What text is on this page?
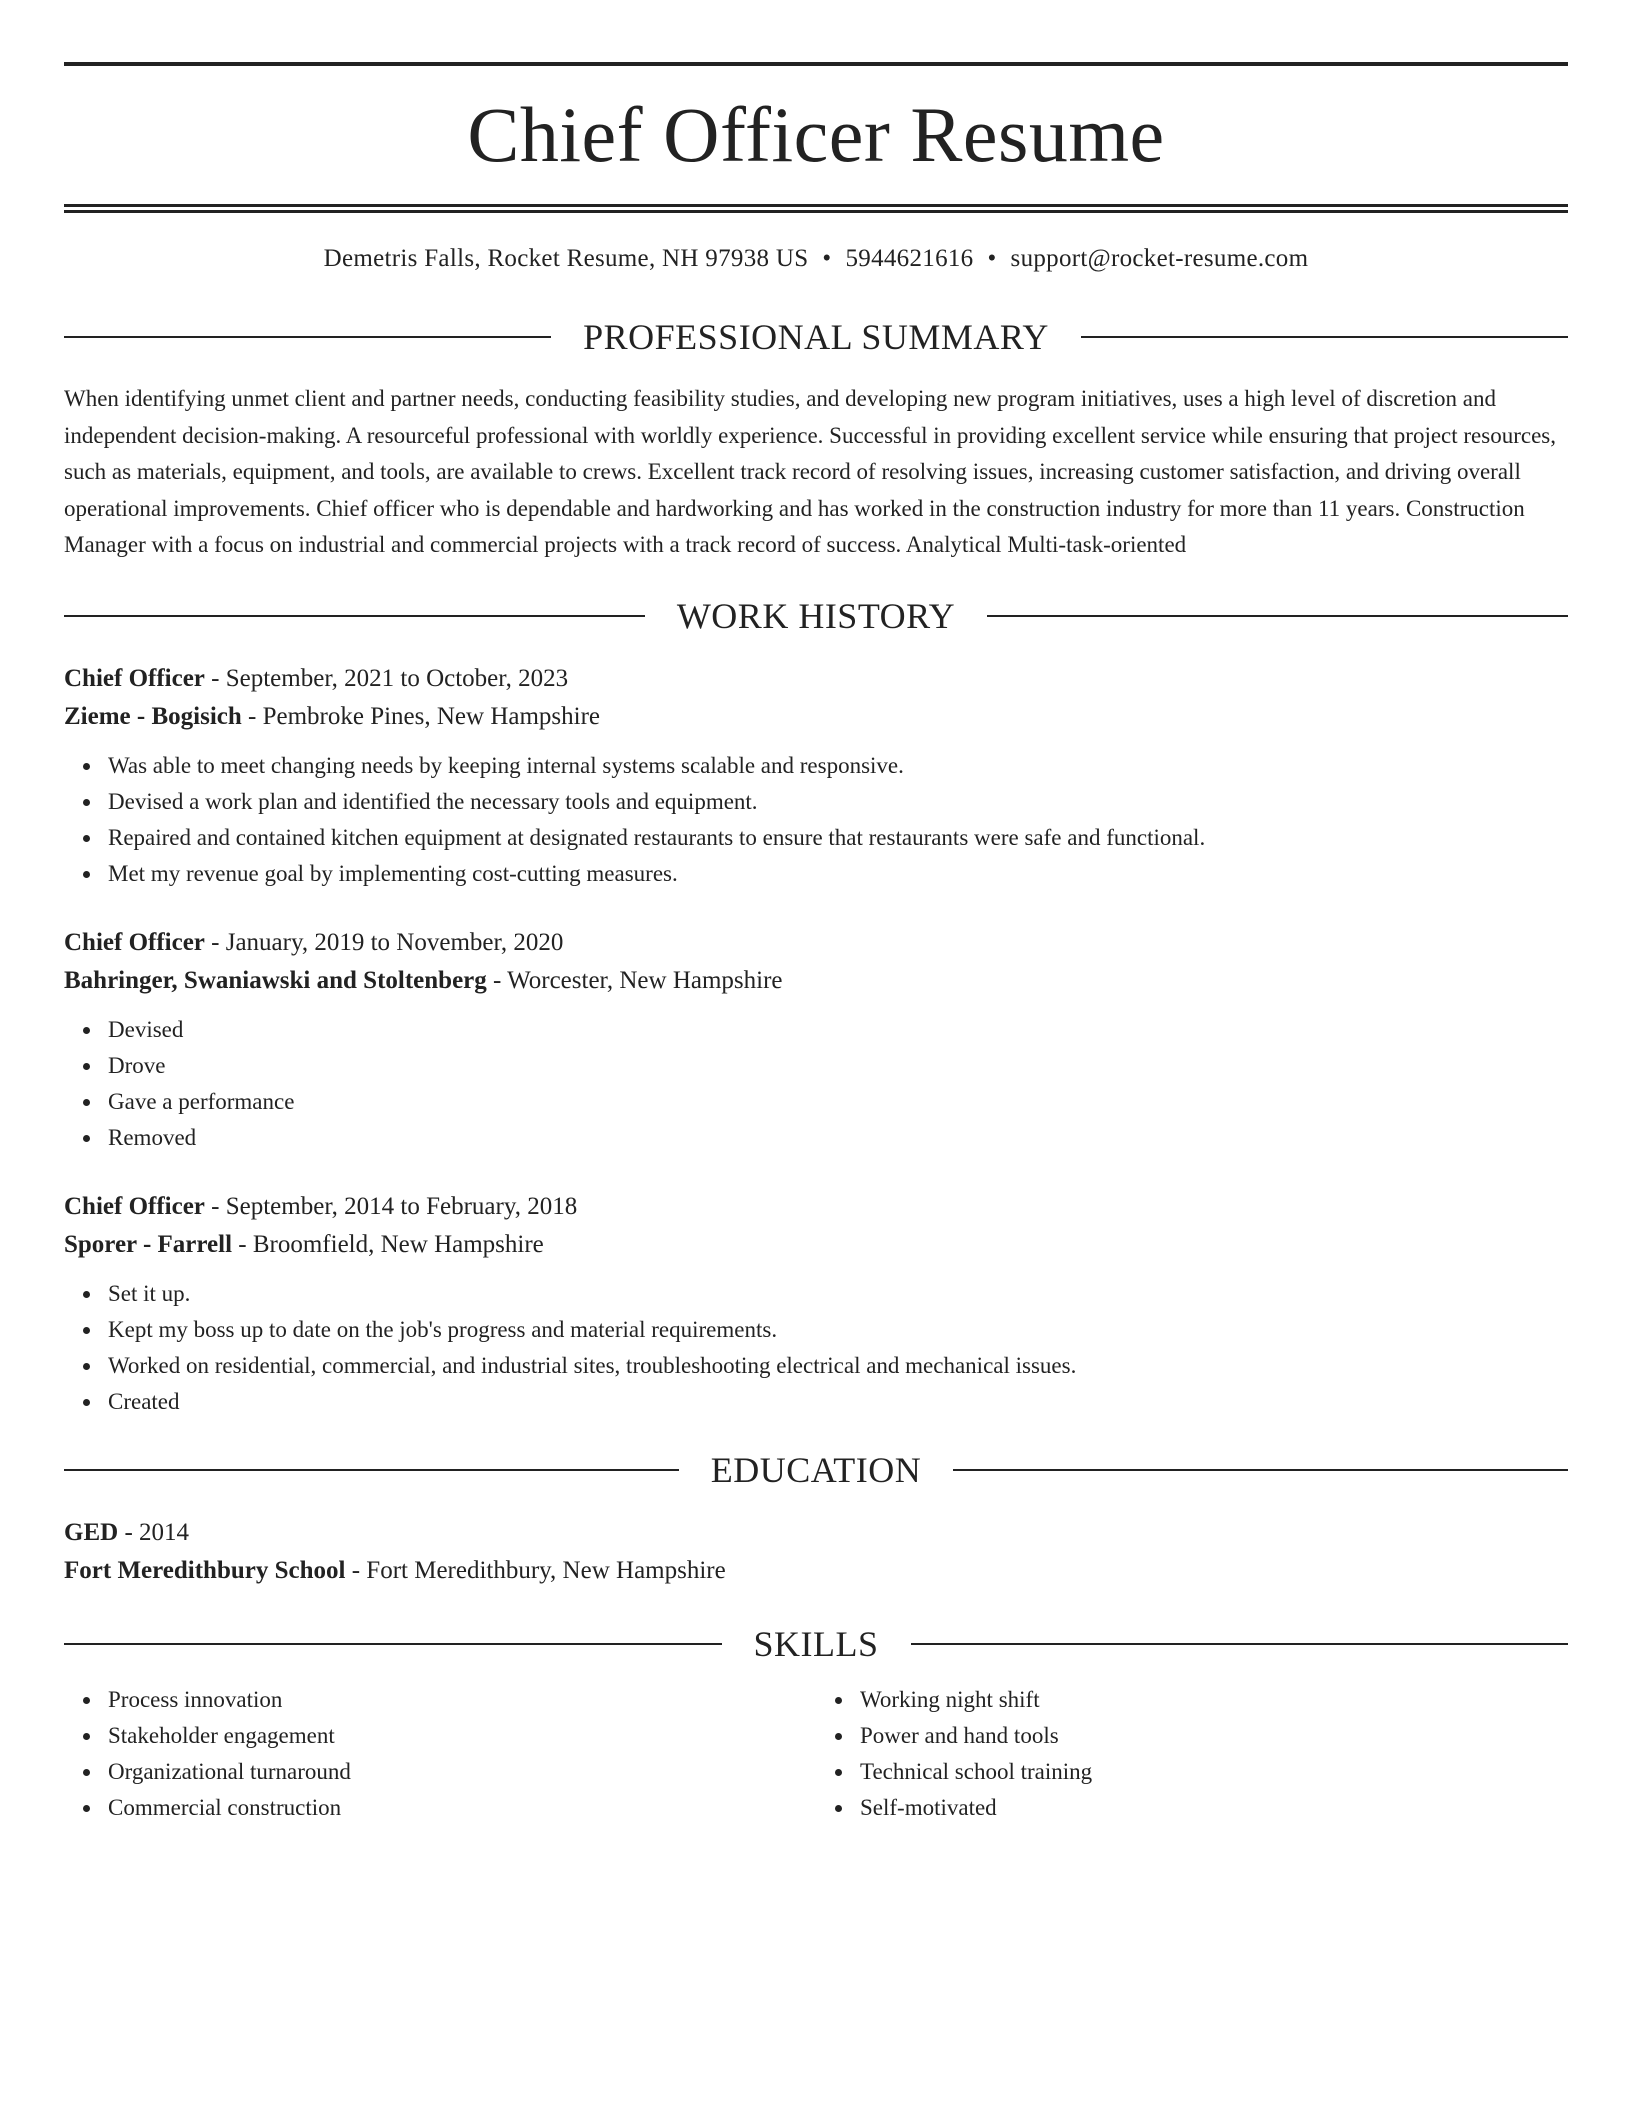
Chief Officer Resume
Demetris Falls, Rocket Resume, NH 97938 US • 5944621616 • support@rocket-resume.com
PROFESSIONAL SUMMARY
When identifying unmet client and partner needs, conducting feasibility studies, and developing new program initiatives, uses a high level of discretion and independent decision-making. A resourceful professional with worldly experience. Successful in providing excellent service while ensuring that project resources, such as materials, equipment, and tools, are available to crews. Excellent track record of resolving issues, increasing customer satisfaction, and driving overall operational improvements. Chief officer who is dependable and hardworking and has worked in the construction industry for more than 11 years. Construction Manager with a focus on industrial and commercial projects with a track record of success. Analytical Multi-task-oriented
WORK HISTORY
Chief Officer - September, 2021 to October, 2023
Zieme - Bogisich - Pembroke Pines, New Hampshire
Was able to meet changing needs by keeping internal systems scalable and responsive.
Devised a work plan and identified the necessary tools and equipment.
Repaired and contained kitchen equipment at designated restaurants to ensure that restaurants were safe and functional.
Met my revenue goal by implementing cost-cutting measures.
Chief Officer - January, 2019 to November, 2020
Bahringer, Swaniawski and Stoltenberg - Worcester, New Hampshire
Devised
Drove
Gave a performance
Removed
Chief Officer - September, 2014 to February, 2018
Sporer - Farrell - Broomfield, New Hampshire
Set it up.
Kept my boss up to date on the job's progress and material requirements.
Worked on residential, commercial, and industrial sites, troubleshooting electrical and mechanical issues.
Created
EDUCATION
GED - 2014
Fort Meredithbury School - Fort Meredithbury, New Hampshire
SKILLS
Process innovation
Stakeholder engagement
Organizational turnaround
Commercial construction
Working night shift
Power and hand tools
Technical school training
Self-motivated
